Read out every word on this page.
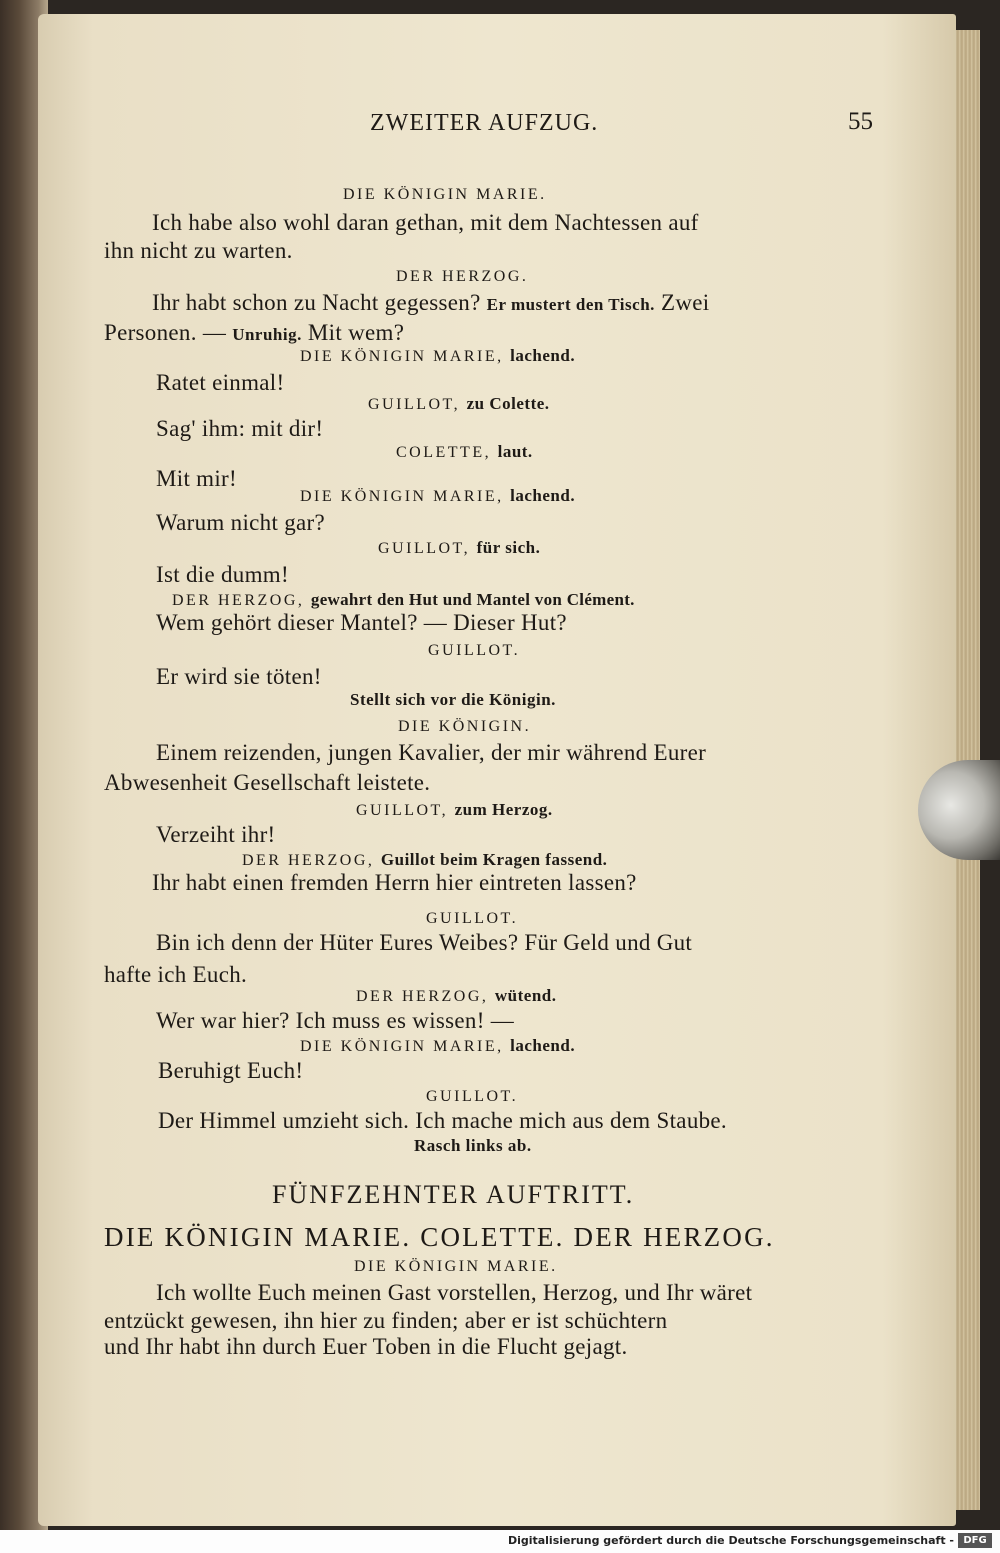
ZWEITER AUFZUG.	55
DIE KÖNIGIN MARIE.
Ich habe also wohl daran gethan, mit dem Nachtessen auf
ihn nicht zu warten.
DER HERZOG.
Ihr habt schon zu Nacht gegessen? Er mustert den Tisch. Zwei
Personen. — Unruhig. Mit wem?
DIE KÖNIGIN MARIE, lachend.
Ratet einmal!
GUILLOT, zu Colette.
Sag' ihm: mit dir!
COLETTE, laut.
Mit mir!
DIE KÖNIGIN MARIE, lachend.
Warum nicht gar?
GUILLOT, für sich.
Ist die dumm!
DER HERZOG, gewahrt den Hut und Mantel von Clément.
Wem gehört dieser Mantel? — Dieser Hut?
GUILLOT.
Er wird sie töten!
Stellt sich vor die Königin.
DIE KÖNIGIN.
Einem reizenden, jungen Kavalier, der mir während Eurer
Abwesenheit Gesellschaft leistete.
GUILLOT, zum Herzog.
Verzeiht ihr!
DER HERZOG, Guillot beim Kragen fassend.
Ihr habt einen fremden Herrn hier eintreten lassen?
GUILLOT.
Bin ich denn der Hüter Eures Weibes? Für Geld und Gut
hafte ich Euch.
DER HERZOG, wütend.
Wer war hier? Ich muss es wissen! —
DIE KÖNIGIN MARIE, lachend.
Beruhigt Euch!
GUILLOT.
Der Himmel umzieht sich. Ich mache mich aus dem Staube.
Rasch links ab.
FÜNFZEHNTER AUFTRITT.
DIE KÖNIGIN MARIE. COLETTE. DER HERZOG.
DIE KÖNIGIN MARIE.
Ich wollte Euch meinen Gast vorstellen, Herzog, und Ihr wäret
entzückt gewesen, ihn hier zu finden; aber er ist schüchtern
und Ihr habt ihn durch Euer Toben in die Flucht gejagt.
Digitalisierung gefördert durch die Deutsche Forschungsgemeinschaft - DFG
